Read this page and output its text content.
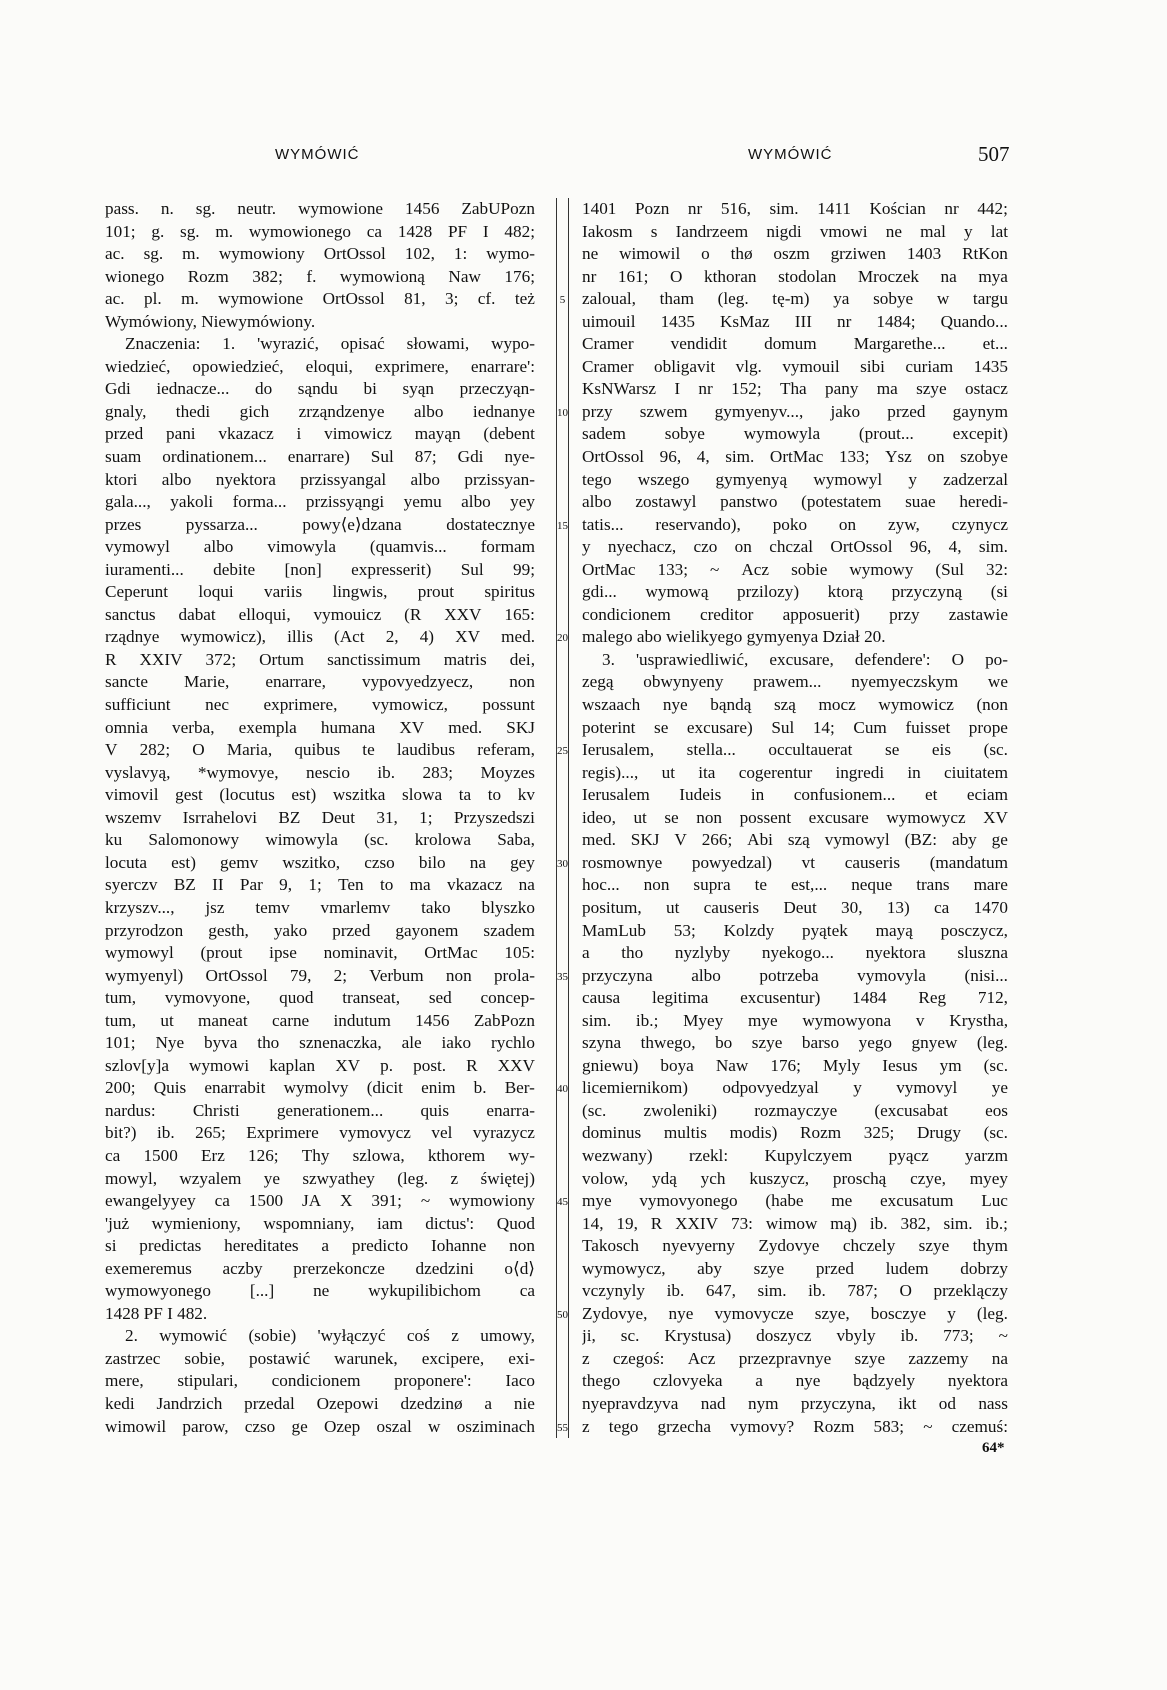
WYMÓWIĆ	WYMÓWIĆ	507
pass. n. sg. neutr. wymowione 1456 ZabUPozn
101; g. sg. m. wymowionego ca 1428 PF I 482;
ac. sg. m. wymowiony OrtOssol 102, 1: wymo-
wionego Rozm 382; f. wymowioną Naw 176;
ac. pl. m. wymowione OrtOssol 81, 3; cf. też
Wymówiony, Niewymówiony.
Znaczenia: 1. 'wyrazić, opisać słowami, wypo-
wiedzieć, opowiedzieć, eloqui, exprimere, enarrare':
Gdi iednacze... do sąndu bi syąn przeczyąn-
gnaly, thedi gich zrząndzenye albo iednanye
przed pani vkazacz i vimowicz mayąn (debent
suam ordinationem... enarrare) Sul 87; Gdi nye-
ktori albo nyektora przissyangal albo przissyan-
gala..., yakoli forma... przissyąngi yemu albo yey
przes	pyssarza...	powy⟨e⟩dzana	dostatecznye
vymowyl albo vimowyla (quamvis... formam
iuramenti... debite [non] expresserit) Sul 99;
Ceperunt loqui variis lingwis, prout spiritus
sanctus dabat elloqui, vymouicz (R XXV 165:
rządnye wymowicz), illis (Act 2, 4) XV med.
R XXIV 372; Ortum sanctissimum matris dei,
sancte Marie, enarrare, vypovyedzyecz, non
sufficiunt nec exprimere, vymowicz, possunt
omnia verba, exempla humana XV med. SKJ
V 282; O Maria, quibus te laudibus referam,
vyslavyą, *wymovye, nescio ib. 283; Moyzes
vimovil gest (locutus est) wszitka slowa ta to kv
wszemv Isrrahelovi BZ Deut 31, 1; Przyszedszi
ku Salomonowy wimowyla (sc. krolowa Saba,
locuta est) gemv wszitko, czso bilo na gey
syerczv BZ II Par 9, 1; Ten to ma vkazacz na
krzyszv..., jsz temv vmarlemv tako blyszko
przyrodzon gesth, yako przed gayonem szadem
wymowyl (prout ipse nominavit, OrtMac 105:
wymyenyl) OrtOssol 79, 2; Verbum non prola-
tum, vymovyone, quod transeat, sed concep-
tum, ut maneat carne indutum 1456 ZabPozn
101; Nye byva tho sznenaczka, ale iako rychlo
szlov[y]a wymowi kaplan XV p. post. R XXV
200; Quis enarrabit wymolvy (dicit enim b. Ber-
nardus: Christi generationem... quis enarra-
bit?) ib. 265; Exprimere vymovycz vel vyrazycz
ca 1500 Erz 126; Thy szlowa, kthorem wy-
mowyl, wzyalem ye szwyathey (leg. z świętej)
ewangelyyey ca 1500 JA X 391; ~ wymowiony
'już wymieniony, wspomniany, iam dictus': Quod
si predictas hereditates a predicto Iohanne non
exemeremus aczby prerzekoncze dzedzini o⟨d⟩
wymowyonego [...] ne wykupilibichom ca
1428 PF I 482.
2. wymowić (sobie) 'wyłączyć coś z umowy,
zastrzec sobie, postawić warunek, excipere, exi-
mere, stipulari, condicionem proponere': Iaco
kedi Jandrzich przedal Ozepowi dzedzinø a nie
wimowil parow, czso ge Ozep oszal w osziminach
5
10
15
20
25
30
35
40
45
50
55
1401 Pozn nr 516, sim. 1411 Kościan nr 442;
Iakosm s Iandrzeem nigdi vmowi ne mal y lat
ne wimowil o thø oszm grziwen 1403 RtKon
nr 161; O kthoran stodolan Mroczek na mya
zaloual, tham (leg. tę-m) ya sobye w targu
uimouil 1435 KsMaz III nr 1484; Quando...
Cramer vendidit domum Margarethe... et...
Cramer obligavit vlg. vymouil sibi curiam 1435
KsNWarsz I nr 152; Tha pany ma szye ostacz
przy szwem gymyenyv..., jako przed gaynym
sadem sobye wymowyla (prout... excepit)
OrtOssol 96, 4, sim. OrtMac 133; Ysz on szobye
tego wszego gymyenyą wymowyl y zadzerzal
albo zostawyl panstwo (potestatem suae heredi-
tatis... reservando), poko on zyw, czynycz
y nyechacz, czo on chczal OrtOssol 96, 4, sim.
OrtMac 133; ~ Acz sobie wymowy (Sul 32:
gdi... wymową przilozy) ktorą przyczyną (si
condicionem creditor apposuerit) przy zastawie
malego abo wielikyego gymyenya Dział 20.
3. 'usprawiedliwić, excusare, defendere': O po-
zegą obwynyeny prawem... nyemyeczskym we
wszaach nye bąndą szą mocz wymowicz (non
poterint se excusare) Sul 14; Cum fuisset prope
Ierusalem, stella... occultauerat se eis (sc.
regis)..., ut ita cogerentur ingredi in ciuitatem
Ierusalem Iudeis in confusionem... et eciam
ideo, ut se non possent excusare wymowycz XV
med. SKJ V 266; Abi szą vymowyl (BZ: aby ge
rosmownye powyedzal) vt causeris (mandatum
hoc... non supra te est,... neque trans mare
positum, ut causeris Deut 30, 13) ca 1470
MamLub 53; Kolzdy pyątek mayą posczycz,
a tho nyzlyby nyekogo... nyektora sluszna
przyczyna albo potrzeba vymovyla (nisi...
causa legitima excusentur) 1484 Reg 712,
sim. ib.; Myey mye wymowyona v Krystha,
szyna thwego, bo szye barso yego gnyew (leg.
gniewu) boya Naw 176; Myly Iesus ym (sc.
licemiernikom) odpovyedzyal y vymovyl ye
(sc. zwoleniki) rozmayczye (excusabat eos
dominus multis modis) Rozm 325; Drugy (sc.
wezwany) rzekl: Kupylczyem pyącz yarzm
volow, ydą ych kuszycz, proschą czye, myey
mye vymovyonego (habe me excusatum Luc
14, 19, R XXIV 73: wimow mą) ib. 382, sim. ib.;
Takosch nyevyerny Zydovye chczely szye thym
wymowycz, aby szye przed ludem dobrzy
vczynyly ib. 647, sim. ib. 787; O przeklączy
Zydovye, nye vymovycze szye, bosczye y (leg.
ji, sc. Krystusa) doszycz vbyly ib. 773; ~
z czegoś: Acz przezpravnye szye zazzemy na
thego czlovyeka a nye bądzyely nyektora
nyepravdzyva nad nym przyczyna, ikt od nass
z tego grzecha vymovy? Rozm 583; ~ czemuś:
64*
